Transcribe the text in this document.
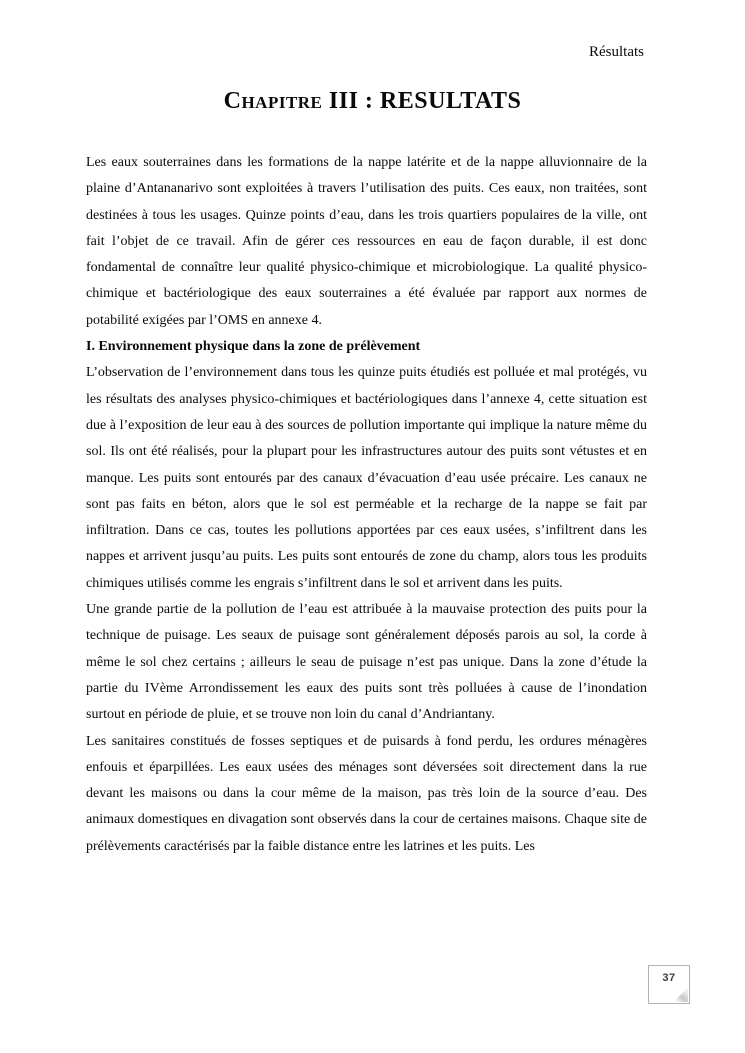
Résultats
Chapitre III : RESULTATS

Les eaux souterraines dans les formations de la nappe latérite et de la nappe alluvionnaire de la plaine d’Antananarivo sont exploitées à travers l’utilisation des puits. Ces eaux, non traitées, sont destinées à tous les usages. Quinze points d’eau, dans les trois quartiers populaires de la ville, ont fait l’objet de ce travail. Afin de gérer ces ressources en eau de façon durable, il est donc fondamental de connaître leur qualité physico-chimique et microbiologique. La qualité physico-chimique et bactériologique des eaux souterraines a été évaluée par rapport aux normes de potabilité exigées par l’OMS en annexe 4.

I. Environnement physique dans la zone de prélèvement

L’observation de l’environnement dans tous les quinze puits étudiés est polluée et mal protégés, vu les résultats des analyses physico-chimiques et bactériologiques dans l’annexe 4, cette situation est due à l’exposition de leur eau à des sources de pollution importante qui implique la nature même du sol. Ils ont été réalisés, pour la plupart pour les infrastructures autour des puits sont vétustes et en manque. Les puits sont entourés par des canaux d’évacuation d’eau usée précaire. Les canaux ne sont pas faits en béton, alors que le sol est perméable et la recharge de la nappe se fait par infiltration. Dans ce cas, toutes les pollutions apportées par ces eaux usées, s’infiltrent dans les nappes et arrivent jusqu’au puits. Les puits sont entourés de zone du champ, alors tous les produits chimiques utilisés comme les engrais s’infiltrent dans le sol et arrivent dans les puits.

Une grande partie de la pollution de l’eau est attribuée à la mauvaise protection des puits pour la technique de puisage. Les seaux de puisage sont généralement déposés parois au sol, la corde à même le sol chez certains ; ailleurs le seau de puisage n’est pas unique. Dans la zone d’étude la partie du IVème Arrondissement les eaux des puits sont très polluées à cause de l’inondation surtout en période de pluie, et se trouve non loin du canal d’Andriantany.

Les sanitaires constitués de fosses septiques et de puisards à fond perdu, les ordures ménagères enfouis et éparpillées. Les eaux usées des ménages sont déversées soit directement dans la rue devant les maisons ou dans la cour même de la maison, pas très loin de la source d’eau. Des animaux domestiques en divagation sont observés dans la cour de certaines maisons. Chaque site de prélèvements caractérisés par la faible distance entre les latrines et les puits. Les

37
